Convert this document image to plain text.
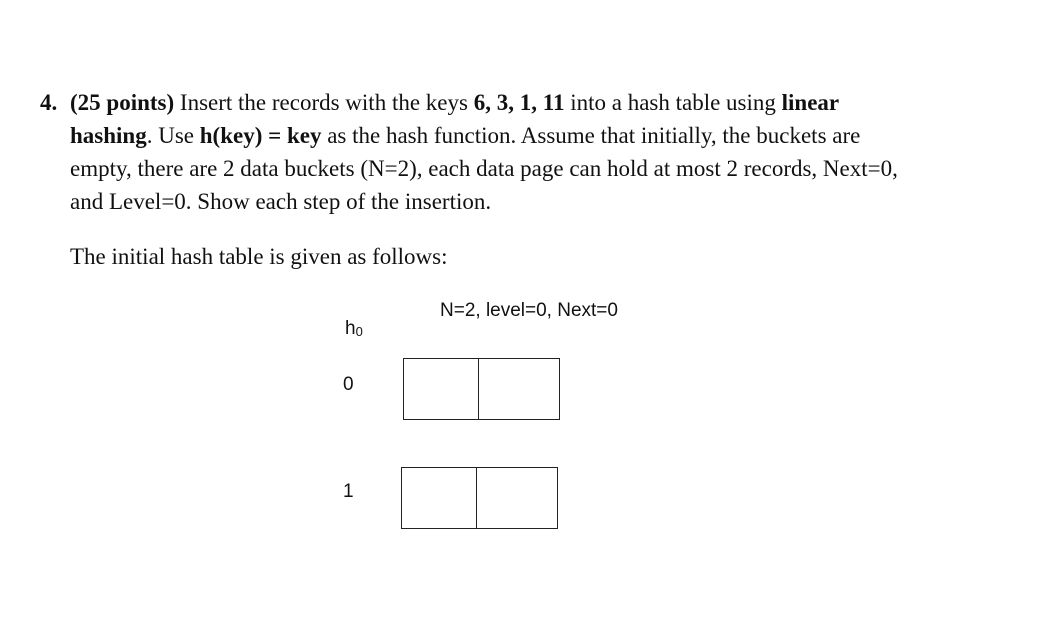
4. (25 points) Insert the records with the keys 6, 3, 1, 11 into a hash table using linear
hashing. Use h(key) = key as the hash function. Assume that initially, the buckets are
empty, there are 2 data buckets (N=2), each data page can hold at most 2 records, Next=0,
and Level=0. Show each step of the insertion.
The initial hash table is given as follows:
N=2, level=0, Next=0
$h_0$
0
1
